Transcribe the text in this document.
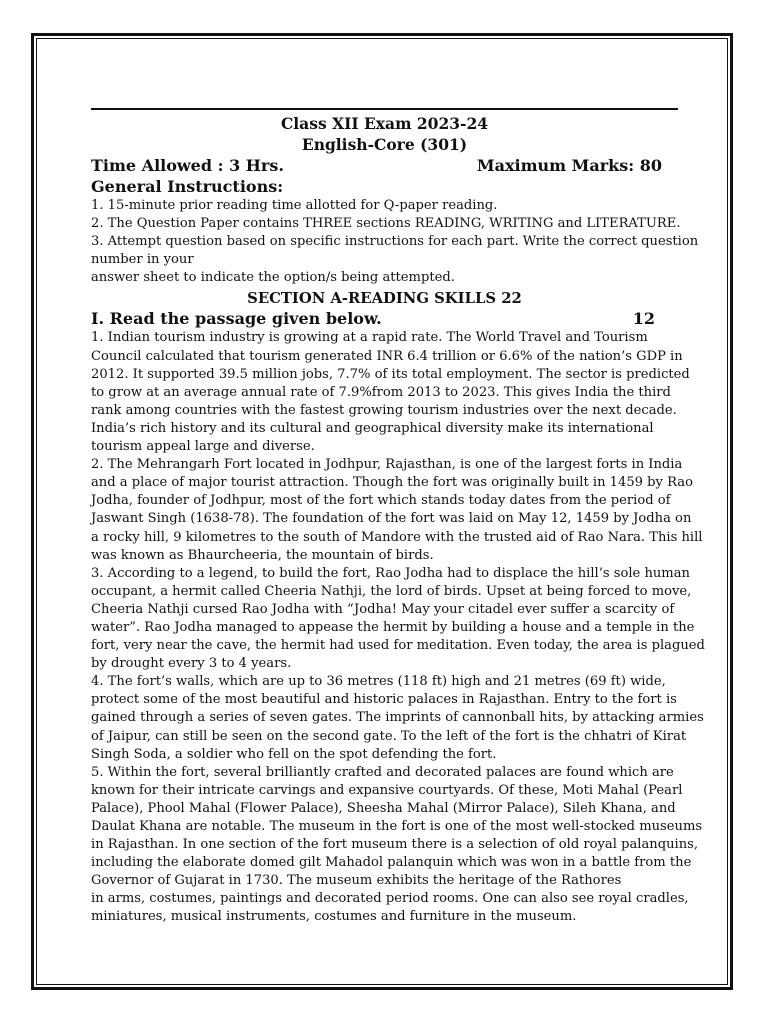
Class XII Exam 2023-24
English-Core (301)
Time Allowed : 3 Hrs.	Maximum Marks: 80
General Instructions:
1. 15-minute prior reading time allotted for Q-paper reading.
2. The Question Paper contains THREE sections READING, WRITING and LITERATURE.
3. Attempt question based on specific instructions for each part. Write the correct question
number in your
answer sheet to indicate the option/s being attempted.
SECTION A-READING SKILLS 22
I. Read the passage given below.	12
1. Indian tourism industry is growing at a rapid rate. The World Travel and Tourism
Council calculated that tourism generated INR 6.4 trillion or 6.6% of the nation’s GDP in
2012. It supported 39.5 million jobs, 7.7% of its total employment. The sector is predicted
to grow at an average annual rate of 7.9%from 2013 to 2023. This gives India the third
rank among countries with the fastest growing tourism industries over the next decade.
India’s rich history and its cultural and geographical diversity make its international
tourism appeal large and diverse.
2. The Mehrangarh Fort located in Jodhpur, Rajasthan, is one of the largest forts in India
and a place of major tourist attraction. Though the fort was originally built in 1459 by Rao
Jodha, founder of Jodhpur, most of the fort which stands today dates from the period of
Jaswant Singh (1638-78). The foundation of the fort was laid on May 12, 1459 by Jodha on
a rocky hill, 9 kilometres to the south of Mandore with the trusted aid of Rao Nara. This hill
was known as Bhaurcheeria, the mountain of birds.
3. According to a legend, to build the fort, Rao Jodha had to displace the hill’s sole human
occupant, a hermit called Cheeria Nathji, the lord of birds. Upset at being forced to move,
Cheeria Nathji cursed Rao Jodha with “Jodha! May your citadel ever suffer a scarcity of
water”. Rao Jodha managed to appease the hermit by building a house and a temple in the
fort, very near the cave, the hermit had used for meditation. Even today, the area is plagued
by drought every 3 to 4 years.
4. The fort’s walls, which are up to 36 metres (118 ft) high and 21 metres (69 ft) wide,
protect some of the most beautiful and historic palaces in Rajasthan. Entry to the fort is
gained through a series of seven gates. The imprints of cannonball hits, by attacking armies
of Jaipur, can still be seen on the second gate. To the left of the fort is the chhatri of Kirat
Singh Soda, a soldier who fell on the spot defending the fort.
5. Within the fort, several brilliantly crafted and decorated palaces are found which are
known for their intricate carvings and expansive courtyards. Of these, Moti Mahal (Pearl
Palace), Phool Mahal (Flower Palace), Sheesha Mahal (Mirror Palace), Sileh Khana, and
Daulat Khana are notable. The museum in the fort is one of the most well-stocked museums
in Rajasthan. In one section of the fort museum there is a selection of old royal palanquins,
including the elaborate domed gilt Mahadol palanquin which was won in a battle from the
Governor of Gujarat in 1730. The museum exhibits the heritage of the Rathores
in arms, costumes, paintings and decorated period rooms. One can also see royal cradles,
miniatures, musical instruments, costumes and furniture in the museum.
